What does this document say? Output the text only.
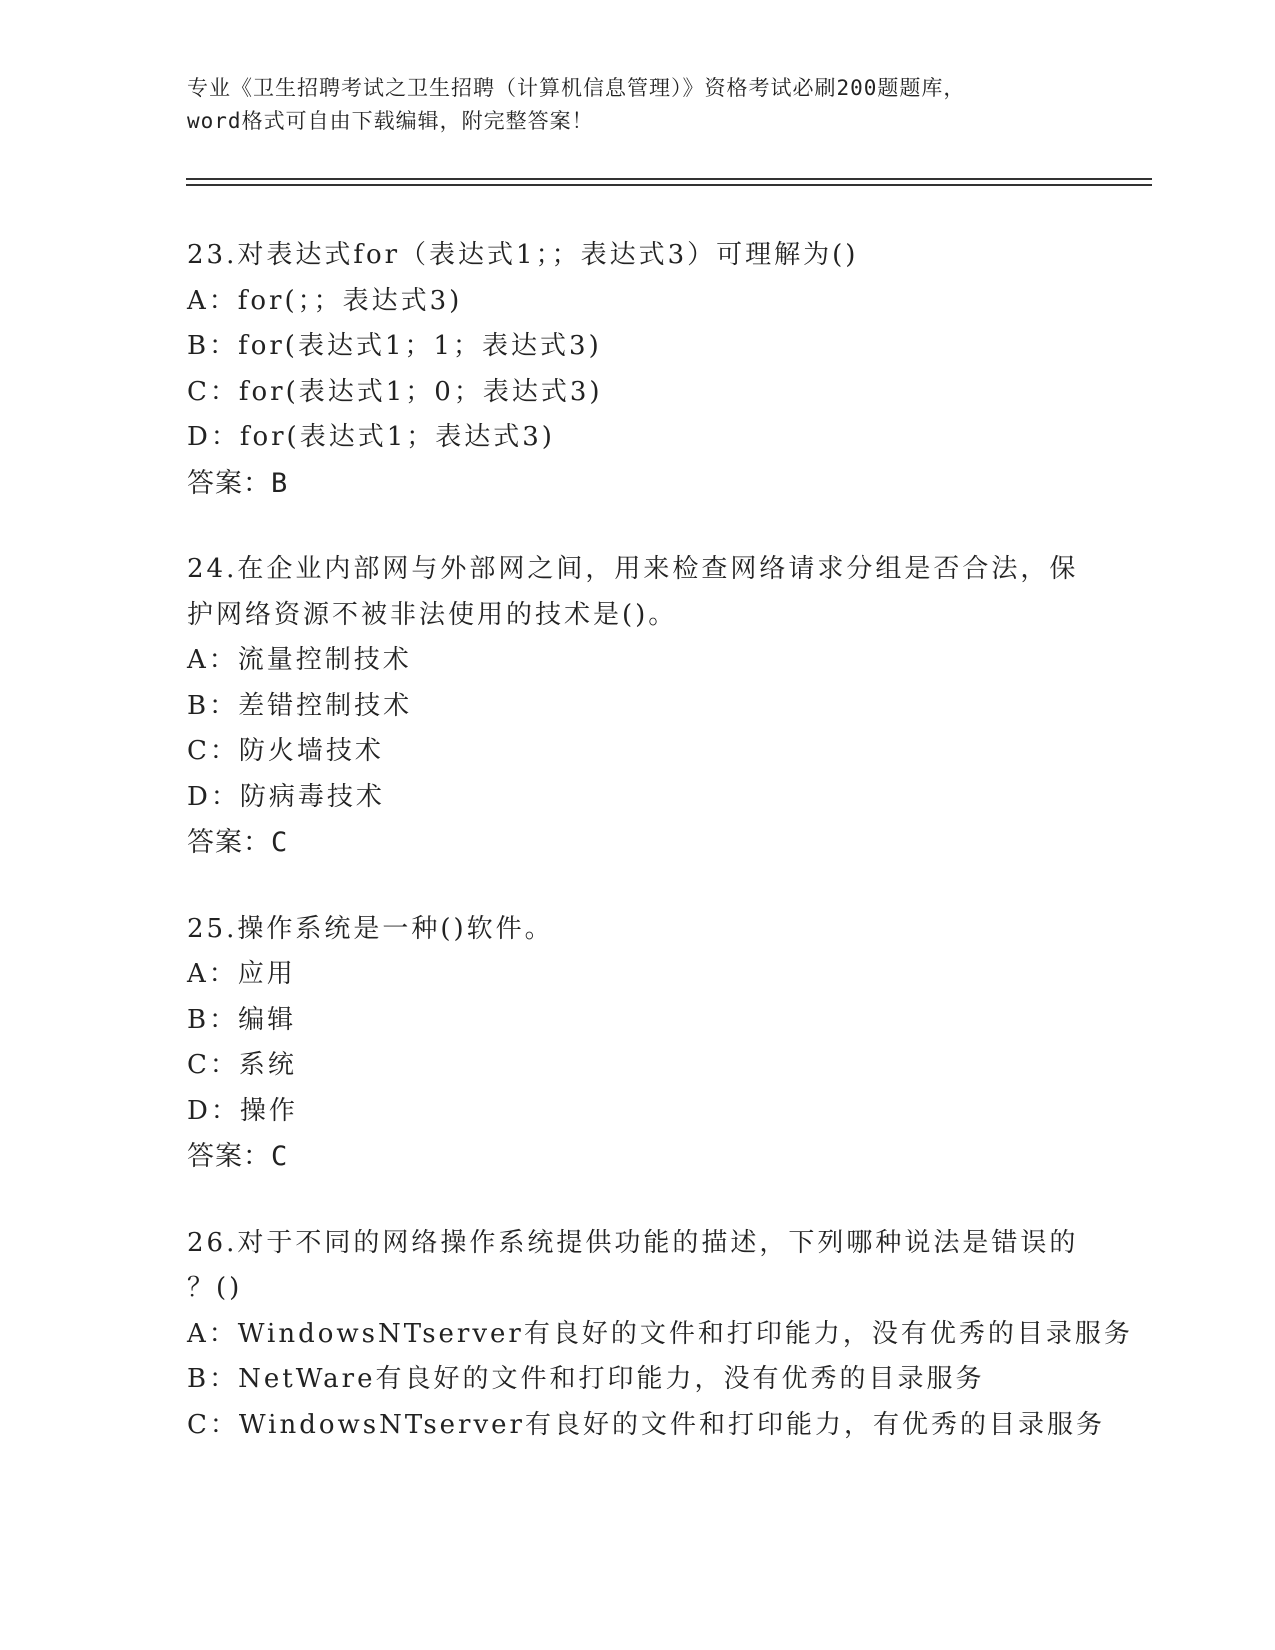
专业《卫生招聘考试之卫生招聘（计算机信息管理）》资格考试必刷200题题库，
word格式可自由下载编辑，附完整答案！
23.对表达式for（表达式1；；表达式3）可理解为()
A：for(；；表达式3)
B：for(表达式1；1；表达式3)
C：for(表达式1；0；表达式3)
D：for(表达式1；表达式3)
答案：B
24.在企业内部网与外部网之间，用来检查网络请求分组是否合法，保
护网络资源不被非法使用的技术是()。
A：流量控制技术
B：差错控制技术
C：防火墙技术
D：防病毒技术
答案：C
25.操作系统是一种()软件。
A：应用
B：编辑
C：系统
D：操作
答案：C
26.对于不同的网络操作系统提供功能的描述，下列哪种说法是错误的
？()
A：WindowsNTserver有良好的文件和打印能力，没有优秀的目录服务
B：NetWare有良好的文件和打印能力，没有优秀的目录服务
C：WindowsNTserver有良好的文件和打印能力，有优秀的目录服务
